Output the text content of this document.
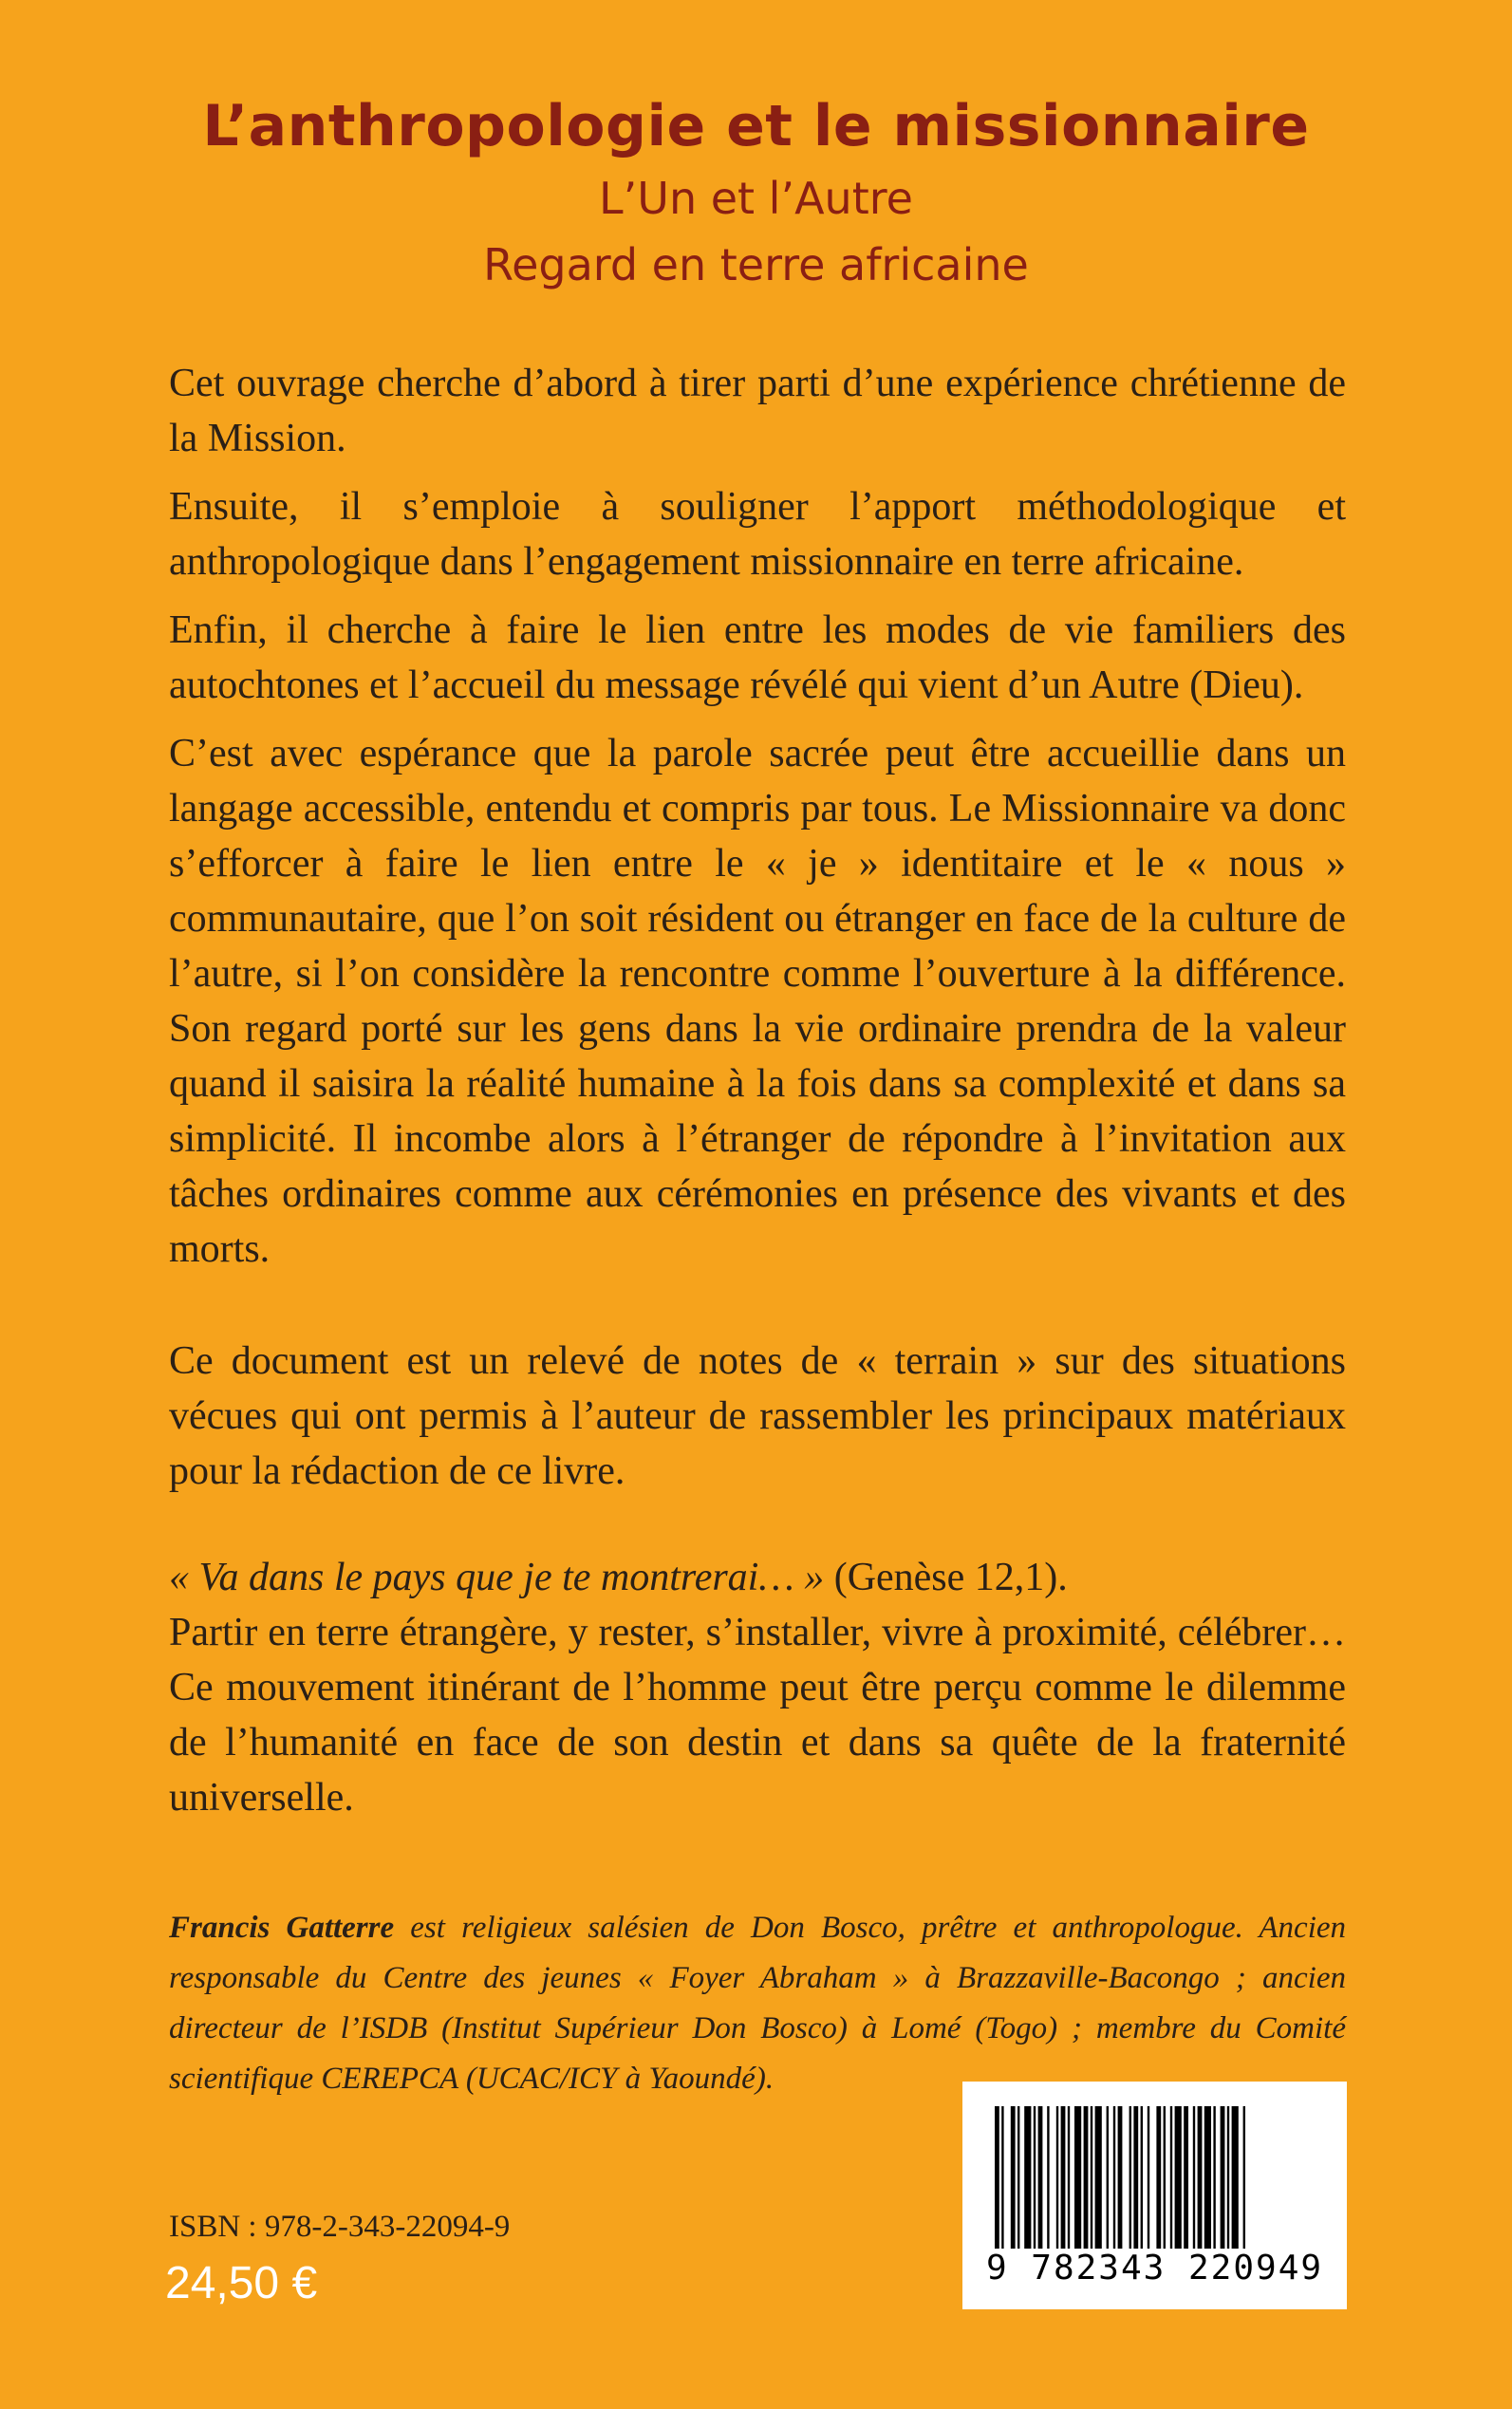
L’anthropologie et le missionnaire
L’Un et l’Autre
Regard en terre africaine

Cet ouvrage cherche d’abord à tirer parti d’une expérience chrétienne de la Mission.

Ensuite, il s’emploie à souligner l’apport méthodologique et anthropologique dans l’engagement missionnaire en terre africaine.

Enfin, il cherche à faire le lien entre les modes de vie familiers des autochtones et l’accueil du message révélé qui vient d’un Autre (Dieu).

C’est avec espérance que la parole sacrée peut être accueillie dans un langage accessible, entendu et compris par tous. Le Missionnaire va donc s’efforcer à faire le lien entre le « je » identitaire et le « nous » communautaire, que l’on soit résident ou étranger en face de la culture de l’autre, si l’on considère la rencontre comme l’ouverture à la différence. Son regard porté sur les gens dans la vie ordinaire prendra de la valeur quand il saisira la réalité humaine à la fois dans sa complexité et dans sa simplicité. Il incombe alors à l’étranger de répondre à l’invitation aux tâches ordinaires comme aux cérémonies en présence des vivants et des morts.

Ce document est un relevé de notes de « terrain » sur des situations vécues qui ont permis à l’auteur de rassembler les principaux matériaux pour la rédaction de ce livre.

« Va dans le pays que je te montrerai… » (Genèse 12,1).

Partir en terre étrangère, y rester, s’installer, vivre à proximité, célébrer… Ce mouvement itinérant de l’homme peut être perçu comme le dilemme de l’humanité en face de son destin et dans sa quête de la fraternité universelle.

Francis Gatterre est religieux salésien de Don Bosco, prêtre et anthropologue. Ancien responsable du Centre des jeunes « Foyer Abraham » à Brazzaville-Bacongo ; ancien directeur de l’ISDB (Institut Supérieur Don Bosco) à Lomé (Togo) ; membre du Comité scientifique CEREPCA (UCAC/ICY à Yaoundé).
ISBN : 978-2-343-22094-9
24,50 €	9 782343 220949
